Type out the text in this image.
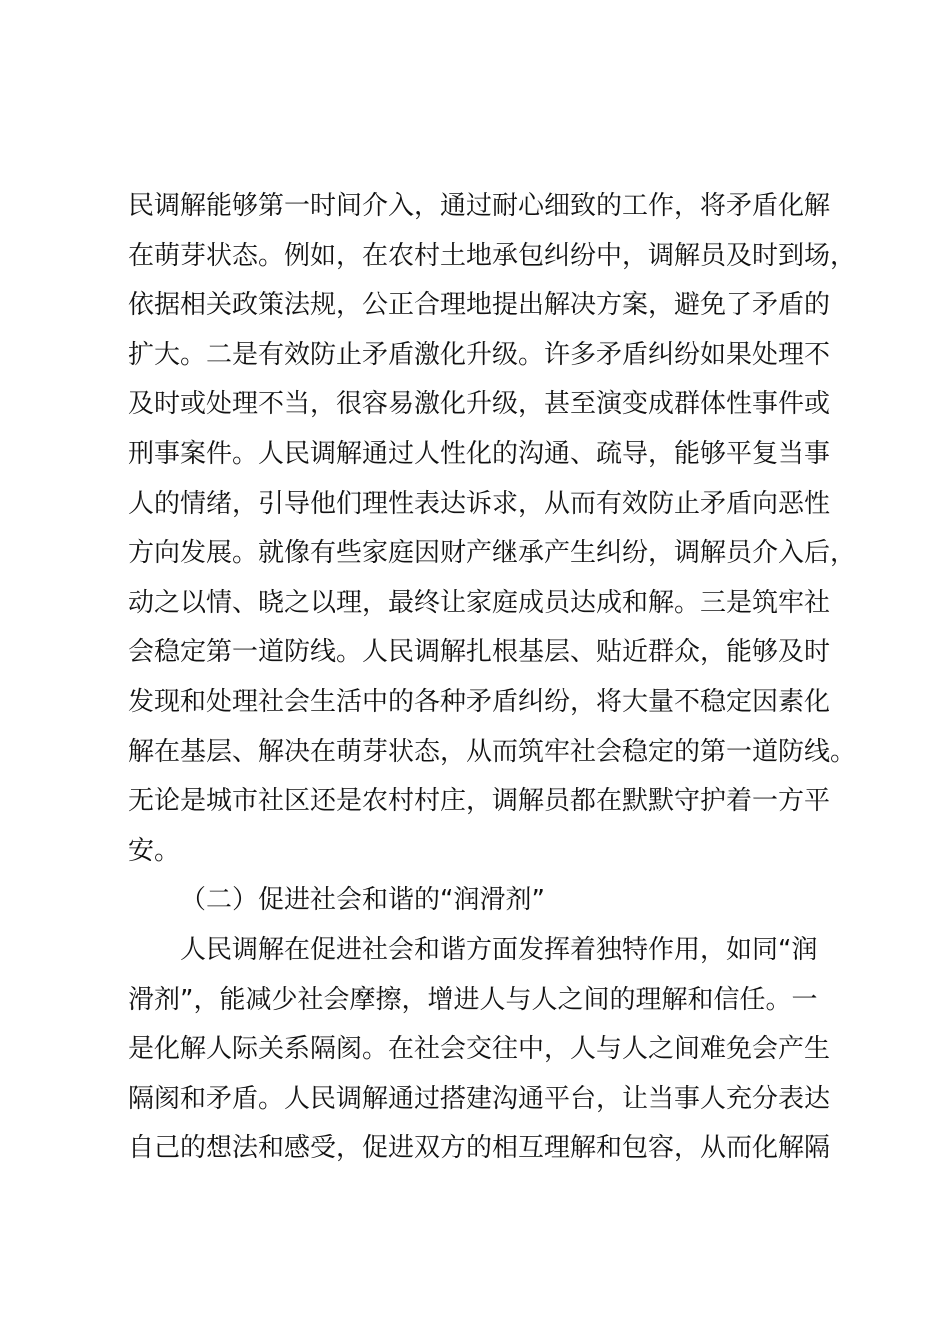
民调解能够第一时间介入，通过耐心细致的工作，将矛盾化解
在萌芽状态。例如，在农村土地承包纠纷中，调解员及时到场，
依据相关政策法规，公正合理地提出解决方案，避免了矛盾的
扩大。二是有效防止矛盾激化升级。许多矛盾纠纷如果处理不
及时或处理不当，很容易激化升级，甚至演变成群体性事件或
刑事案件。人民调解通过人性化的沟通、疏导，能够平复当事
人的情绪，引导他们理性表达诉求，从而有效防止矛盾向恶性
方向发展。就像有些家庭因财产继承产生纠纷，调解员介入后，
动之以情、晓之以理，最终让家庭成员达成和解。三是筑牢社
会稳定第一道防线。人民调解扎根基层、贴近群众，能够及时
发现和处理社会生活中的各种矛盾纠纷，将大量不稳定因素化
解在基层、解决在萌芽状态，从而筑牢社会稳定的第一道防线。
无论是城市社区还是农村村庄，调解员都在默默守护着一方平
安。
（二）促进社会和谐的“润滑剂”
人民调解在促进社会和谐方面发挥着独特作用，如同“润
滑剂”，能减少社会摩擦，增进人与人之间的理解和信任。一
是化解人际关系隔阂。在社会交往中，人与人之间难免会产生
隔阂和矛盾。人民调解通过搭建沟通平台，让当事人充分表达
自己的想法和感受，促进双方的相互理解和包容，从而化解隔
